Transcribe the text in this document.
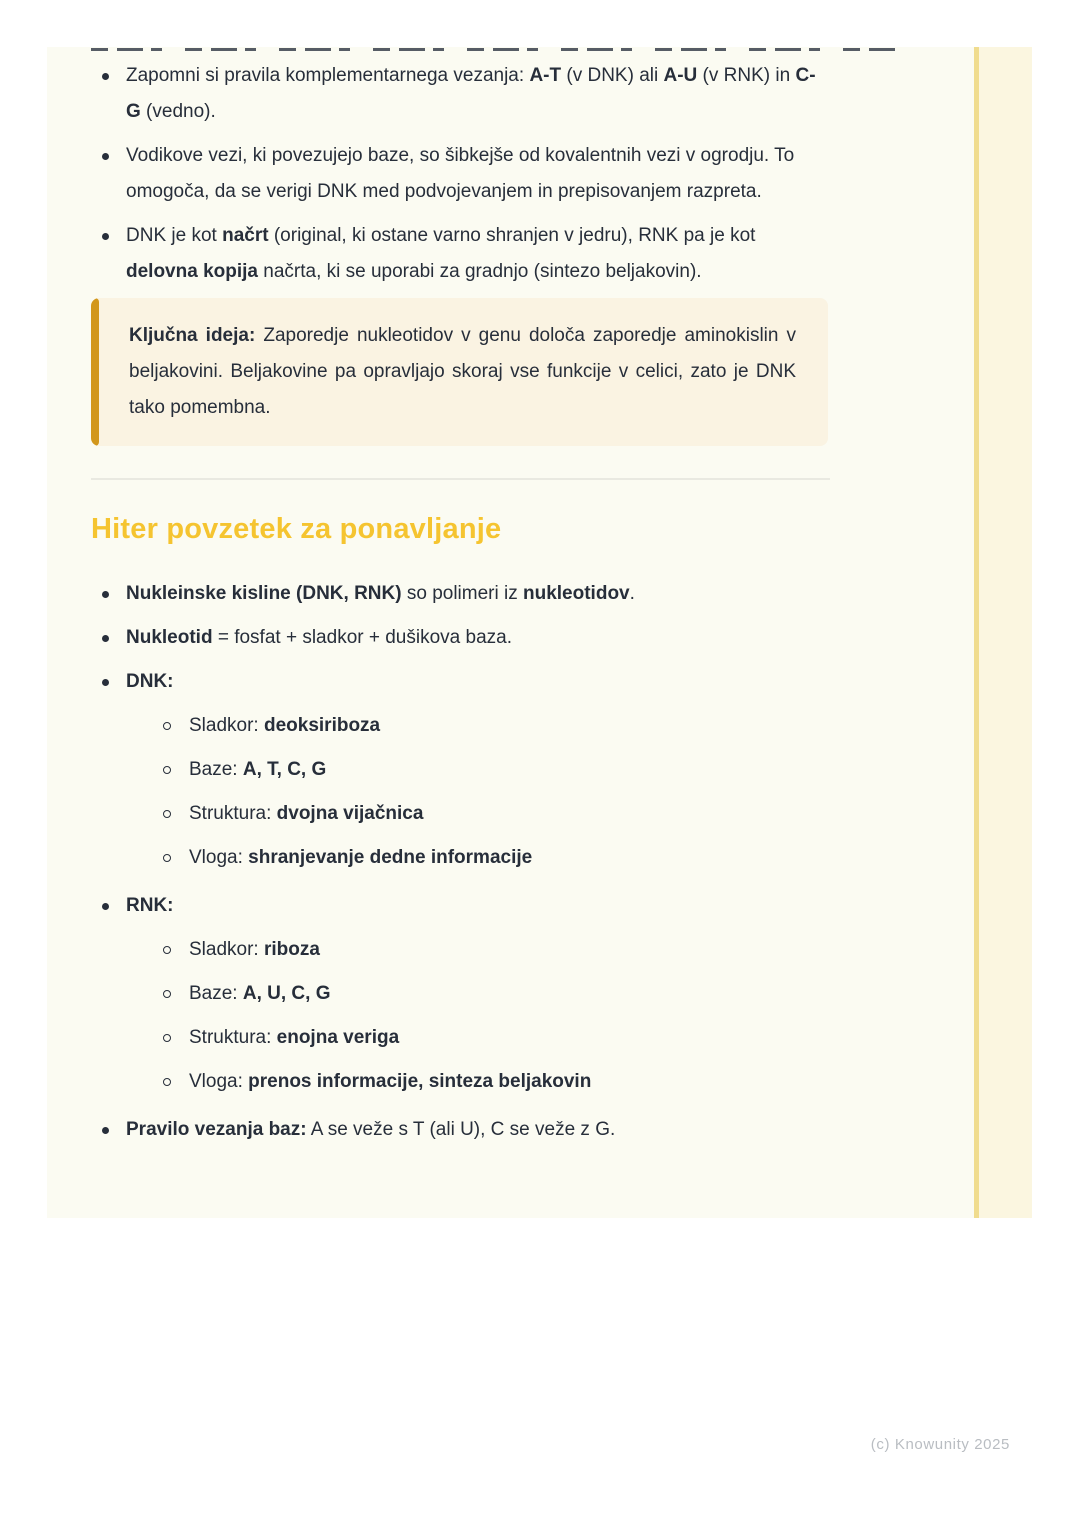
Zapomni si pravila komplementarnega vezanja: A-T (v DNK) ali A-U (v RNK) in C-G (vedno).
Vodikove vezi, ki povezujejo baze, so šibkejše od kovalentnih vezi v ogrodju. To omogoča, da se verigi DNK med podvojevanjem in prepisovanjem razpreta.
DNK je kot načrt (original, ki ostane varno shranjen v jedru), RNK pa je kot delovna kopija načrta, ki se uporabi za gradnjo (sintezo beljakovin).

Ključna ideja: Zaporedje nukleotidov v genu določa zaporedje aminokislin v beljakovini. Beljakovine pa opravljajo skoraj vse funkcije v celici, zato je DNK tako pomembna.

Hiter povzetek za ponavljanje
Nukleinske kisline (DNK, RNK) so polimeri iz nukleotidov.
Nukleotid = fosfat + sladkor + dušikova baza.
DNK:
Sladkor: deoksiriboza
Baze: A, T, C, G
Struktura: dvojna vijačnica
Vloga: shranjevanje dedne informacije
RNK:
Sladkor: riboza
Baze: A, U, C, G
Struktura: enojna veriga
Vloga: prenos informacije, sinteza beljakovin
Pravilo vezanja baz: A se veže s T (ali U), C se veže z G.
(c) Knowunity 2025
